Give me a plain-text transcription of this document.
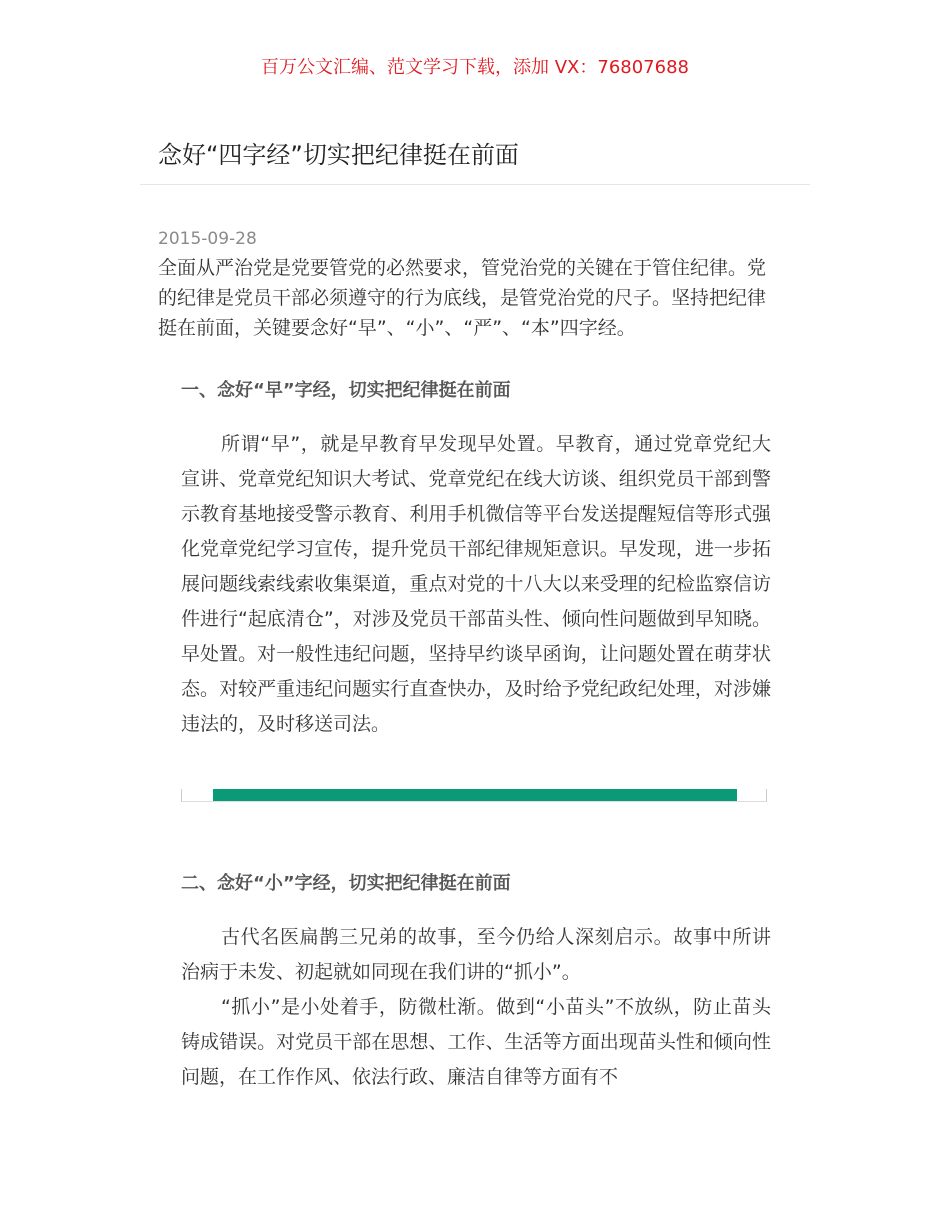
百万公文汇编、范文学习下载，添加 VX：76807688
念好“四字经”切实把纪律挺在前面
2015-09-28

全面从严治党是党要管党的必然要求，管党治党的关键在于管住纪律。党的纪律是党员干部必须遵守的行为底线，是管党治党的尺子。坚持把纪律挺在前面，关键要念好“早”、“小”、“严”、“本”四字经。

一、念好“早”字经，切实把纪律挺在前面

所谓“早”，就是早教育早发现早处置。早教育，通过党章党纪大宣讲、党章党纪知识大考试、党章党纪在线大访谈、组织党员干部到警示教育基地接受警示教育、利用手机微信等平台发送提醒短信等形式强化党章党纪学习宣传，提升党员干部纪律规矩意识。早发现，进一步拓展问题线索线索收集渠道，重点对党的十八大以来受理的纪检监察信访件进行“起底清仓”，对涉及党员干部苗头性、倾向性问题做到早知晓。早处置。对一般性违纪问题，坚持早约谈早函询，让问题处置在萌芽状态。对较严重违纪问题实行直查快办，及时给予党纪政纪处理，对涉嫌违法的，及时移送司法。

二、念好“小”字经，切实把纪律挺在前面

古代名医扁鹊三兄弟的故事，至今仍给人深刻启示。故事中所讲治病于未发、初起就如同现在我们讲的“抓小”。

“抓小”是小处着手，防微杜渐。做到“小苗头”不放纵，防止苗头铸成错误。对党员干部在思想、工作、生活等方面出现苗头性和倾向性问题，在工作作风、依法行政、廉洁自律等方面有不
